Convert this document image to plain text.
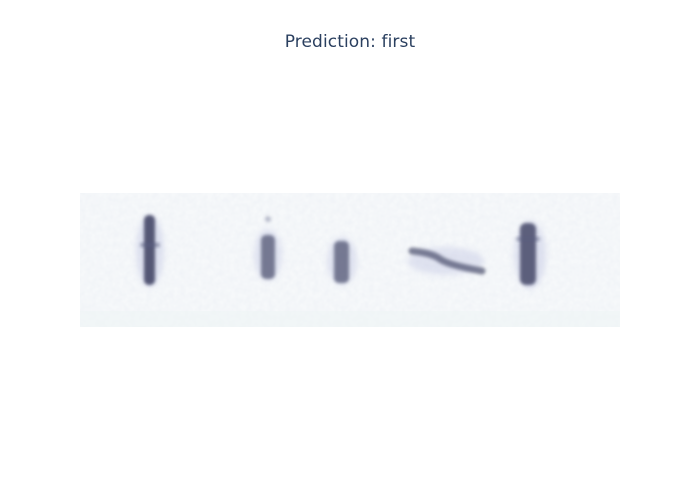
Prediction: first
